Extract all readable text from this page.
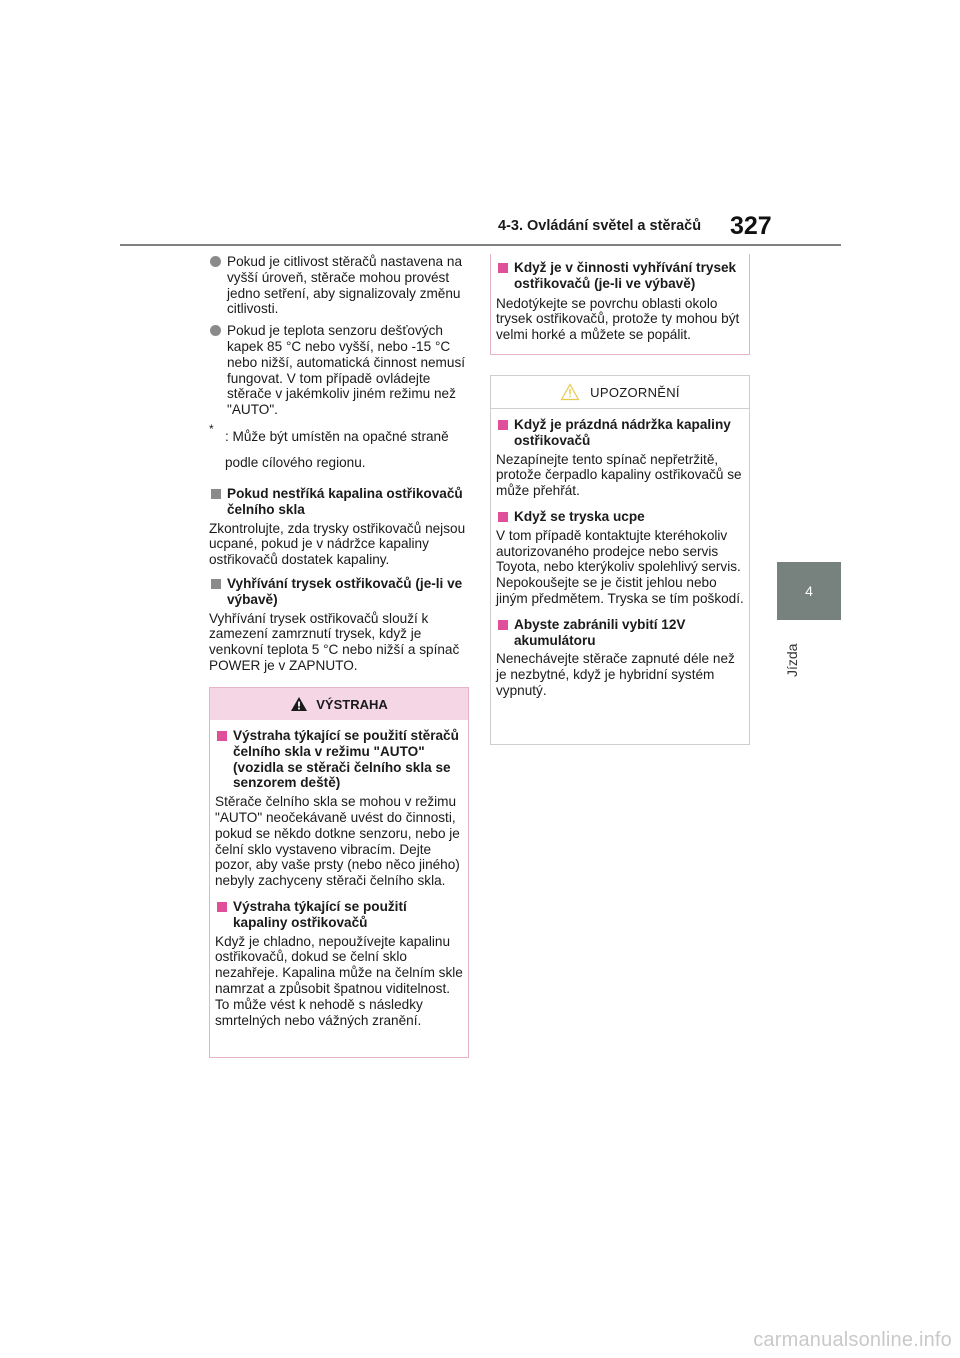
4-3. Ovládání světel a stěračů 327
4
Jízda

Pokud je citlivost stěračů nastavena na vyšší úroveň, stěrače mohou provést jedno setření, aby signalizovaly změnu citlivosti.

Pokud je teplota senzoru dešťových kapek 85 °C nebo vyšší, nebo -15 °C nebo nižší, automatická činnost nemusí fungovat. V tom případě ovládejte stěrače v jakémkoliv jiném režimu než "AUTO".

* : Může být umístěn na opačné straně podle cílového regionu.

Pokud nestříká kapalina ostřikovačů čelního skla

Zkontrolujte, zda trysky ostřikovačů nejsou ucpané, pokud je v nádržce kapaliny ostřikovačů dostatek kapaliny.

Vyhřívání trysek ostřikovačů (je-li ve výbavě)

Vyhřívání trysek ostřikovačů slouží k zamezení zamrznutí trysek, když je venkovní teplota 5 °C nebo nižší a spínač POWER je v ZAPNUTO.

VÝSTRAHA
Výstraha týkající se použití stěračů čelního skla v režimu "AUTO" (vozidla se stěrači čelního skla se senzorem deště)

Stěrače čelního skla se mohou v režimu "AUTO" neočekávaně uvést do činnosti, pokud se někdo dotkne senzoru, nebo je čelní sklo vystaveno vibracím. Dejte pozor, aby vaše prsty (nebo něco jiného) nebyly zachyceny stěrači čelního skla.

Výstraha týkající se použití kapaliny ostřikovačů

Když je chladno, nepoužívejte kapalinu ostřikovačů, dokud se čelní sklo nezahřeje. Kapalina může na čelním skle namrzat a způsobit špatnou viditelnost. To může vést k nehodě s následky smrtelných nebo vážných zranění.

Když je v činnosti vyhřívání trysek ostřikovačů (je-li ve výbavě)

Nedotýkejte se povrchu oblasti okolo trysek ostřikovačů, protože ty mohou být velmi horké a můžete se popálit.

UPOZORNĚNÍ
Když je prázdná nádržka kapaliny ostřikovačů

Nezapínejte tento spínač nepřetržitě, protože čerpadlo kapaliny ostřikovačů se může přehřát.

Když se tryska ucpe

V tom případě kontaktujte kteréhokoliv autorizovaného prodejce nebo servis Toyota, nebo kterýkoliv spolehlivý servis.
Nepokoušejte se je čistit jehlou nebo jiným předmětem. Tryska se tím poškodí.

Abyste zabránili vybití 12V akumulátoru

Nenechávejte stěrače zapnuté déle než je nezbytné, když je hybridní systém vypnutý.

carmanualsonline.info
